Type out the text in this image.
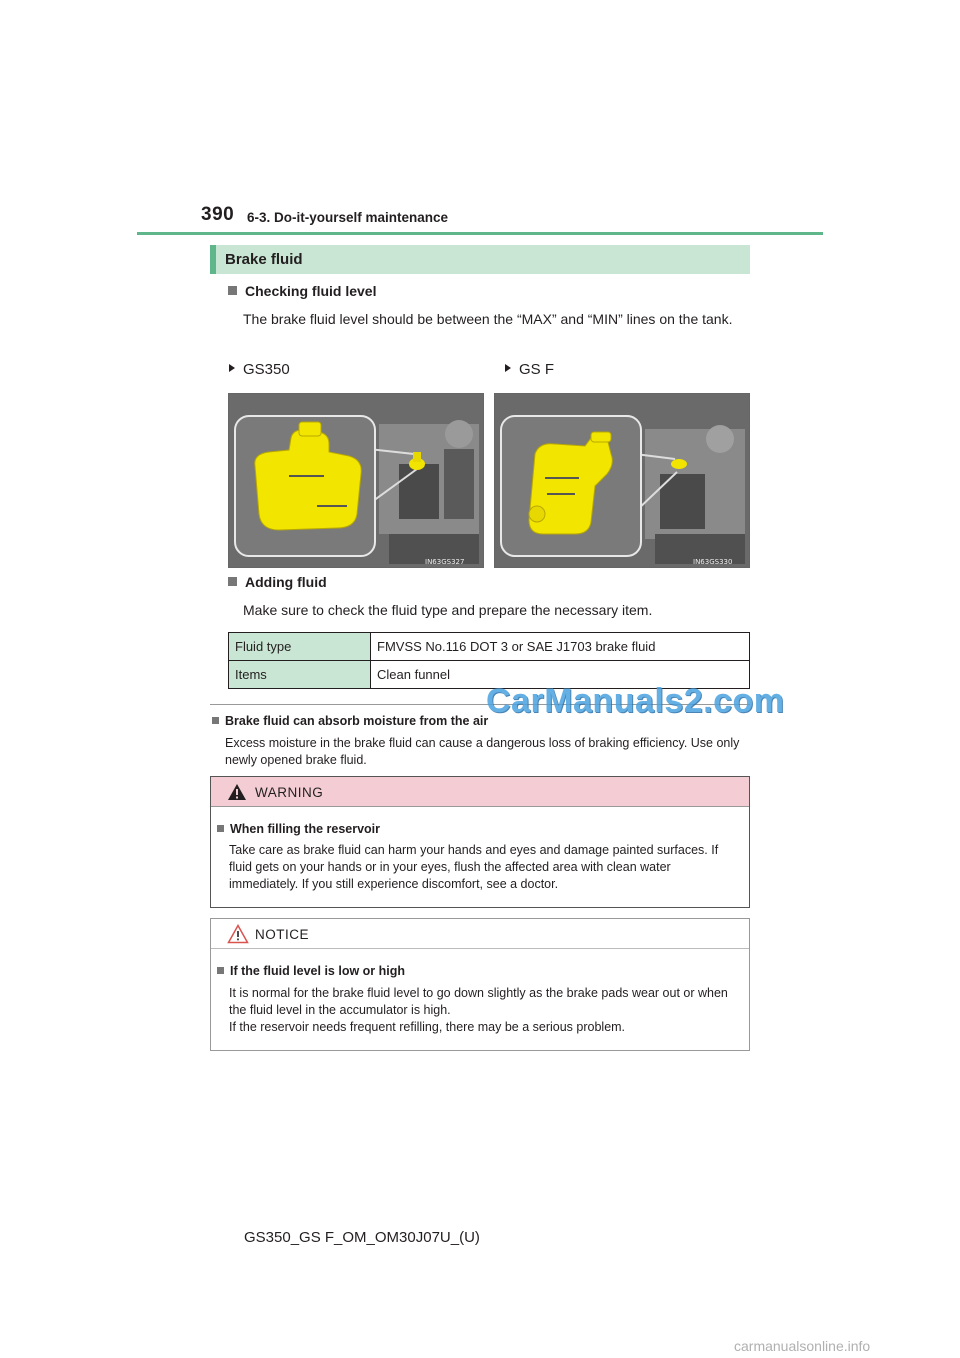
390 6-3. Do-it-yourself maintenance
Brake fluid
Checking fluid level
The brake fluid level should be between the “MAX” and “MIN” lines on the tank.
GS350	GS F
IN63GS327	IN63GS330
Adding fluid
Make sure to check the fluid type and prepare the necessary item.
Fluid type	FMVSS No.116 DOT 3 or SAE J1703 brake fluid
Items	Clean funnel
Brake fluid can absorb moisture from the air
Excess moisture in the brake fluid can cause a dangerous loss of braking efficiency. Use only newly opened brake fluid.
WARNING
When filling the reservoir
Take care as brake fluid can harm your hands and eyes and damage painted surfaces. If fluid gets on your hands or in your eyes, flush the affected area with clean water immediately. If you still experience discomfort, see a doctor.
NOTICE
If the fluid level is low or high
It is normal for the brake fluid level to go down slightly as the brake pads wear out or when the fluid level in the accumulator is high.
If the reservoir needs frequent refilling, there may be a serious problem.
CarManuals2.com
GS350_GS F_OM_OM30J07U_(U)
carmanualsonline.info
